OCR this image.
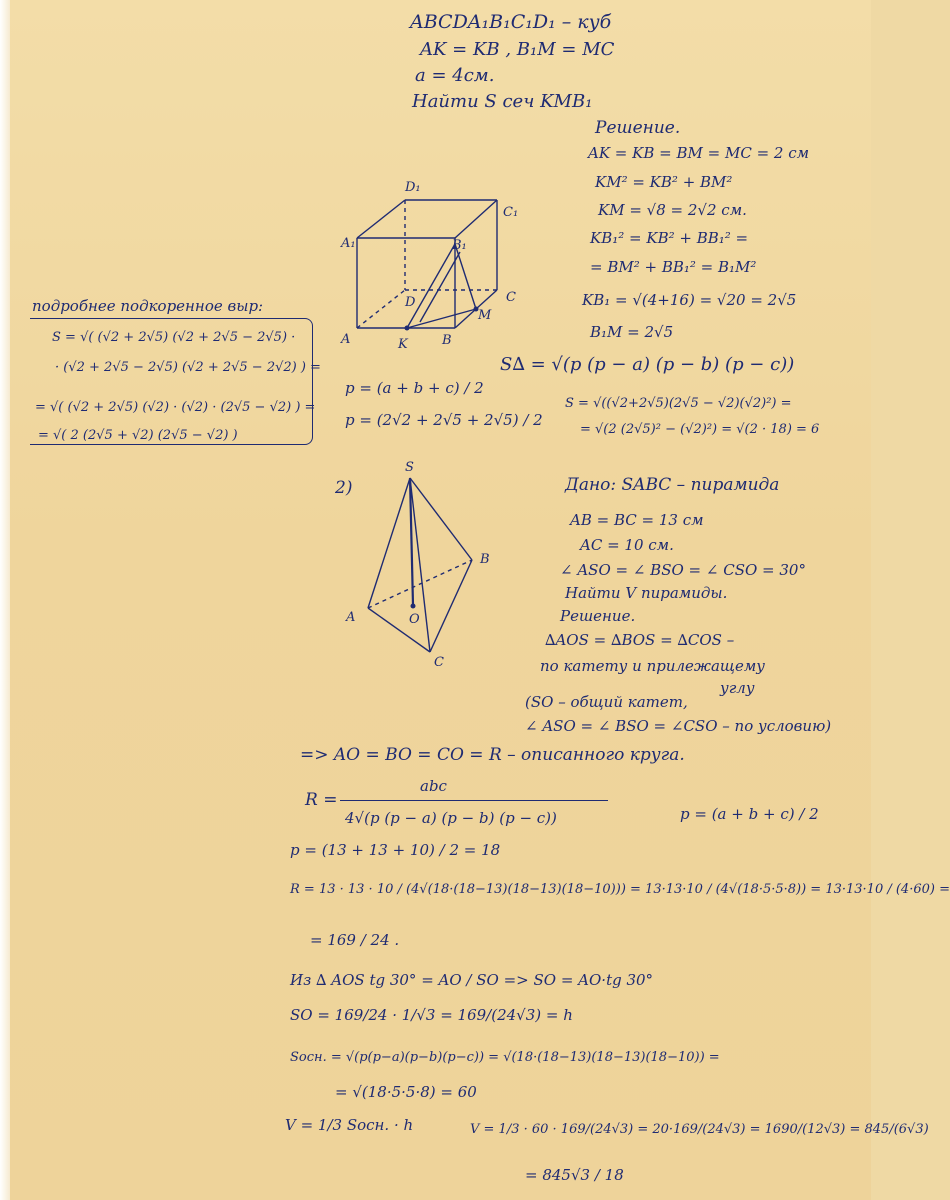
ABCDA₁B₁C₁D₁ – куб
AK = KB , B₁M = MC
a = 4см.
Найти S сеч KMB₁
Решение.
AK = KB = BM = MC = 2 см
KM² = KB² + BM²
KM = √8 = 2√2 см.
KB₁² = KB² + BB₁² =
= BM² + BB₁² = B₁M²
KB₁ = √(4+16) = √20 = 2√5
B₁M = 2√5
S∆ = √(p (p − a) (p − b) (p − c))
p = (a + b + c) / 2
p = (2√2 + 2√5 + 2√5) / 2
S = √((√2+2√5)(2√5 − √2)(√2)²) =
= √(2 (2√5)² − (√2)²) = √(2 · 18) = 6
подробнее подкоренное выр:
S = √( (√2 + 2√5) (√2 + 2√5 − 2√5) ·
· (√2 + 2√5 − 2√5) (√2 + 2√5 − 2√2) ) =
= √( (√2 + 2√5) (√2) · (√2) · (2√5 − √2) ) =
= √( 2 (2√5 + √2) (2√5 − √2) )
D₁
C₁
A₁	B₁
D	C
A	K	B
M
2)
S
B
A	O
C
Дано: SABC – пирамида
AB = BC = 13 см
AC = 10 см.
∠ ASO = ∠ BSO = ∠ CSO = 30°
Найти V пирамиды.
Решение.
∆AOS = ∆BOS = ∆COS –
по катету и прилежащему
углу
(SO – общий катет,
∠ ASO = ∠ BSO = ∠CSO – по условию)
=> AO = BO = CO = R – описанного круга.
R =
abc
4√(p (p − a) (p − b) (p − c))	p = (a + b + c) / 2
p = (13 + 13 + 10) / 2 = 18
R = 13 · 13 · 10 / (4√(18·(18−13)(18−13)(18−10))) = 13·13·10 / (4√(18·5·5·8)) = 13·13·10 / (4·60) =
= 169 / 24 .
Из ∆ AOS tg 30° = AO / SO => SO = AO·tg 30°
SO = 169/24 · 1/√3 = 169/(24√3) = h
Sосн. = √(p(p−a)(p−b)(p−c)) = √(18·(18−13)(18−13)(18−10)) =
= √(18·5·5·8) = 60
V = 1/3 Sосн. · h	V = 1/3 · 60 · 169/(24√3) = 20·169/(24√3) = 1690/(12√3) = 845/(6√3)
= 845√3 / 18
